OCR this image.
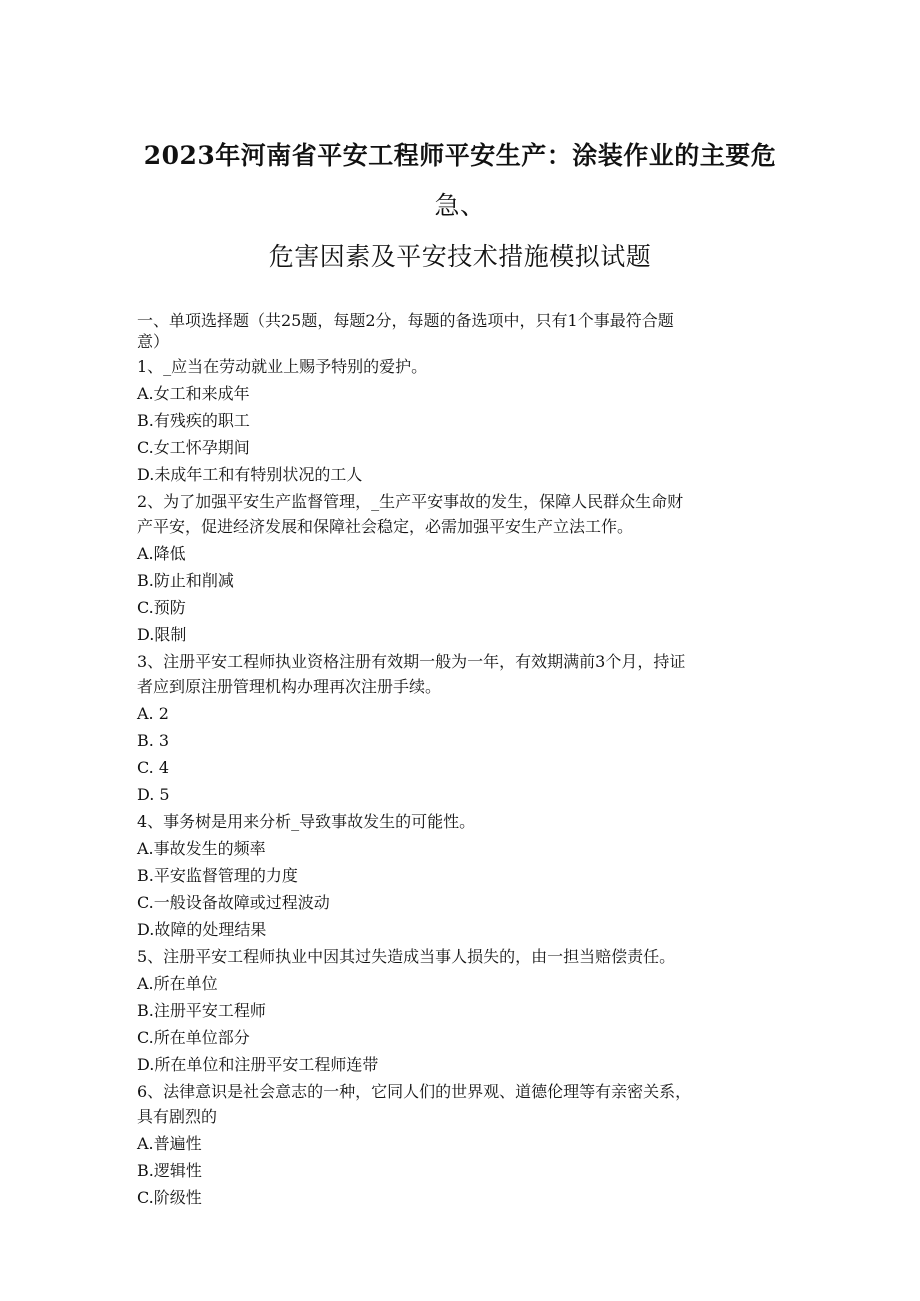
2023年河南省平安工程师平安生产：涂装作业的主要危
急、
危害因素及平安技术措施模拟试题
一、单项选择题（共25题，每题2分，每题的备选项中，只有1个事最符合题
意）
1、_应当在劳动就业上赐予特别的爱护。
A.女工和来成年
B.有残疾的职工
C.女工怀孕期间
D.未成年工和有特别状况的工人
2、为了加强平安生产监督管理，_生产平安事故的发生，保障人民群众生命财
产平安，促进经济发展和保障社会稳定，必需加强平安生产立法工作。
A.降低
B.防止和削减
C.预防
D.限制
3、注册平安工程师执业资格注册有效期一般为一年，有效期满前3个月，持证
者应到原注册管理机构办理再次注册手续。
A. 2
B. 3
C. 4
D. 5
4、事务树是用来分析_导致事故发生的可能性。
A.事故发生的频率
B.平安监督管理的力度
C.一般设备故障或过程波动
D.故障的处理结果
5、注册平安工程师执业中因其过失造成当事人损失的，由一担当赔偿责任。
A.所在单位
B.注册平安工程师
C.所在单位部分
D.所在单位和注册平安工程师连带
6、法律意识是社会意志的一种，它同人们的世界观、道德伦理等有亲密关系，
具有剧烈的
A.普遍性
B.逻辑性
C.阶级性
